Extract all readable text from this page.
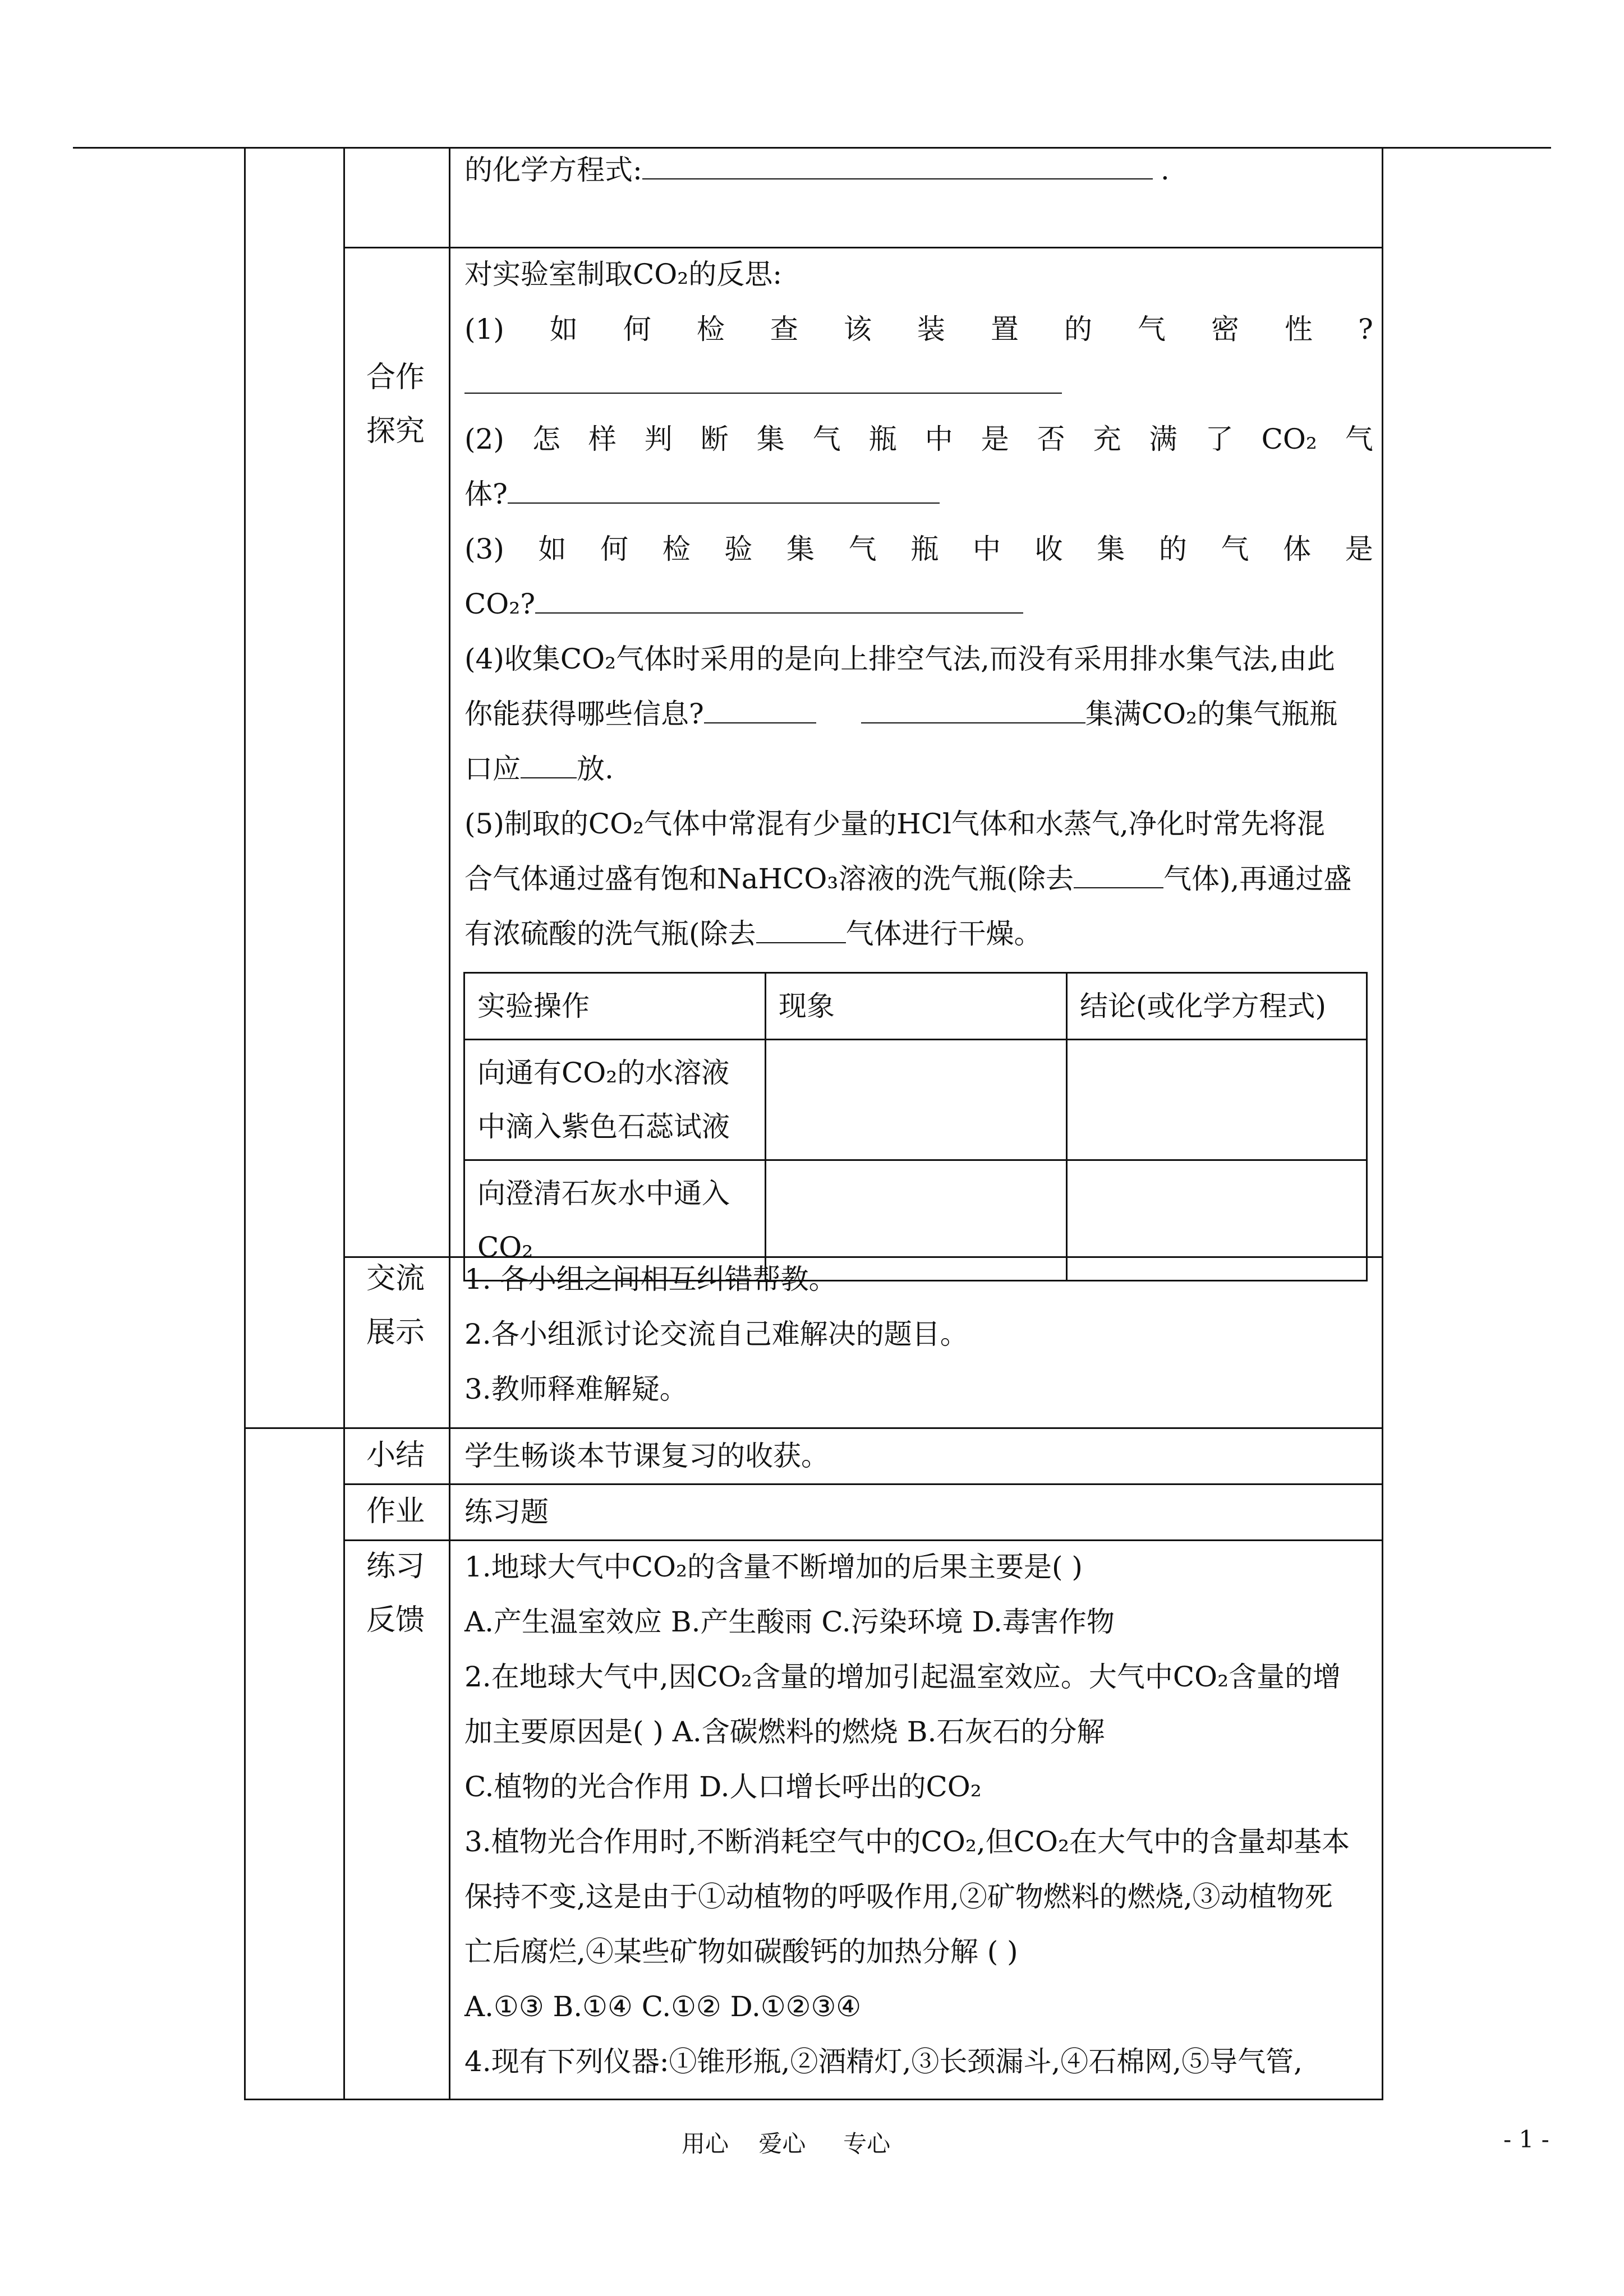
的化学方程式:	.
合作
探究
对实验室制取CO₂的反思:
(1) 如 何 检 查 该 装 置 的 气 密 性 ?
(2) 怎 样 判 断 集 气 瓶 中 是 否 充 满 了 CO₂ 气
体?
(3) 如 何 检 验 集 气 瓶 中 收 集 的 气 体 是
CO₂?
(4)收集CO₂气体时采用的是向上排空气法,而没有采用排水集气法,由此
你能获得哪些信息?	集满CO₂的集气瓶瓶
口应 放.
(5)制取的CO₂气体中常混有少量的HCl气体和水蒸气,净化时常先将混
合气体通过盛有饱和NaHCO₃溶液的洗气瓶(除去	气体),再通过盛
有浓硫酸的洗气瓶(除去	气体进行干燥。
实验操作	现象	结论(或化学方程式)

向通有CO₂的水溶液
中滴入紫色石蕊试液		

向澄清石灰水中通入
CO₂		

交流
展示
1. 各小组之间相互纠错帮教。
2.各小组派讨论交流自己难解决的题目。
3.教师释难解疑。
小结 学生畅谈本节课复习的收获。
作业 练习题
练习
反馈
1.地球大气中CO₂的含量不断增加的后果主要是( )
A.产生温室效应 B.产生酸雨 C.污染环境 D.毒害作物
2.在地球大气中,因CO₂含量的增加引起温室效应。大气中CO₂含量的增
加主要原因是( ) A.含碳燃料的燃烧 B.石灰石的分解
C.植物的光合作用 D.人口增长呼出的CO₂
3.植物光合作用时,不断消耗空气中的CO₂,但CO₂在大气中的含量却基本
保持不变,这是由于①动植物的呼吸作用,②矿物燃料的燃烧,③动植物死
亡后腐烂,④某些矿物如碳酸钙的加热分解 ( )
A.①③ B.①④ C.①② D.①②③④
4.现有下列仪器:①锥形瓶,②酒精灯,③长颈漏斗,④石棉网,⑤导气管,
用心    爱心     专心	- 1 -
